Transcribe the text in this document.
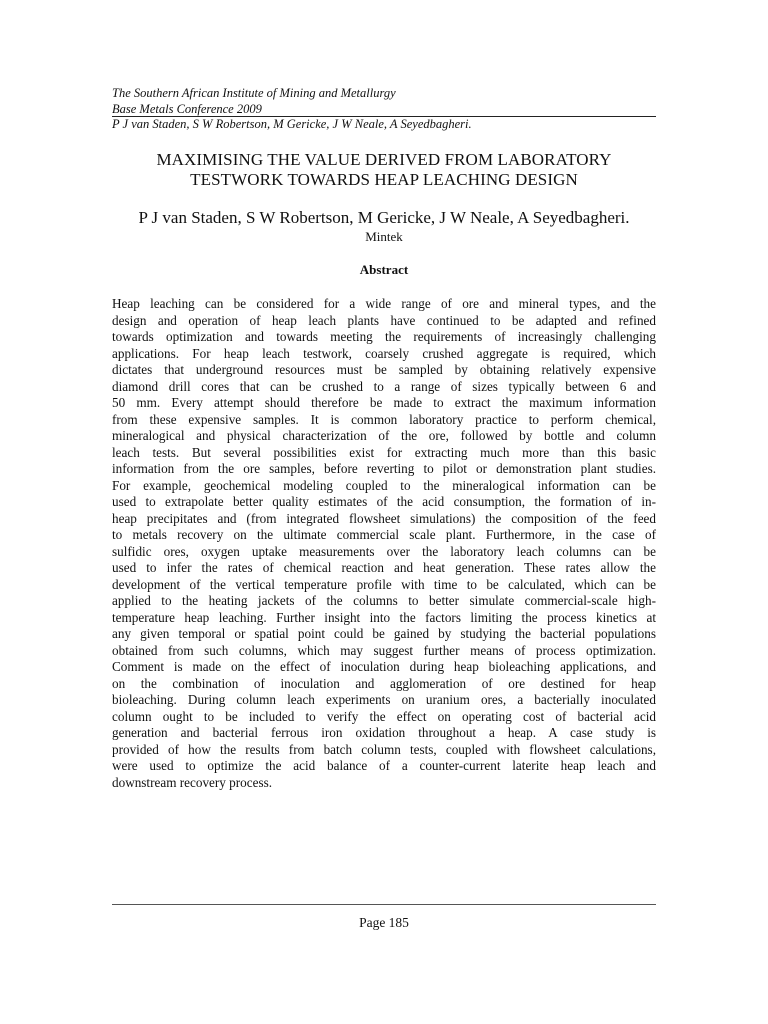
The Southern African Institute of Mining and Metallurgy
Base Metals Conference 2009
P J van Staden, S W Robertson, M Gericke, J W Neale, A Seyedbagheri.
MAXIMISING THE VALUE DERIVED FROM LABORATORY
TESTWORK TOWARDS HEAP LEACHING DESIGN
P J van Staden, S W Robertson, M Gericke, J W Neale, A Seyedbagheri.
Mintek
Abstract
Heap leaching can be considered for a wide range of ore and mineral types, and the
design and operation of heap leach plants have continued to be adapted and refined
towards optimization and towards meeting the requirements of increasingly challenging
applications. For heap leach testwork, coarsely crushed aggregate is required, which
dictates that underground resources must be sampled by obtaining relatively expensive
diamond drill cores that can be crushed to a range of sizes typically between 6 and
50 mm. Every attempt should therefore be made to extract the maximum information
from these expensive samples. It is common laboratory practice to perform chemical,
mineralogical and physical characterization of the ore, followed by bottle and column
leach tests. But several possibilities exist for extracting much more than this basic
information from the ore samples, before reverting to pilot or demonstration plant studies.
For example, geochemical modeling coupled to the mineralogical information can be
used to extrapolate better quality estimates of the acid consumption, the formation of in-
heap precipitates and (from integrated flowsheet simulations) the composition of the feed
to metals recovery on the ultimate commercial scale plant. Furthermore, in the case of
sulfidic ores, oxygen uptake measurements over the laboratory leach columns can be
used to infer the rates of chemical reaction and heat generation. These rates allow the
development of the vertical temperature profile with time to be calculated, which can be
applied to the heating jackets of the columns to better simulate commercial-scale high-
temperature heap leaching. Further insight into the factors limiting the process kinetics at
any given temporal or spatial point could be gained by studying the bacterial populations
obtained from such columns, which may suggest further means of process optimization.
Comment is made on the effect of inoculation during heap bioleaching applications, and
on the combination of inoculation and agglomeration of ore destined for heap
bioleaching. During column leach experiments on uranium ores, a bacterially inoculated
column ought to be included to verify the effect on operating cost of bacterial acid
generation and bacterial ferrous iron oxidation throughout a heap. A case study is
provided of how the results from batch column tests, coupled with flowsheet calculations,
were used to optimize the acid balance of a counter-current laterite heap leach and
downstream recovery process.
Page 185
